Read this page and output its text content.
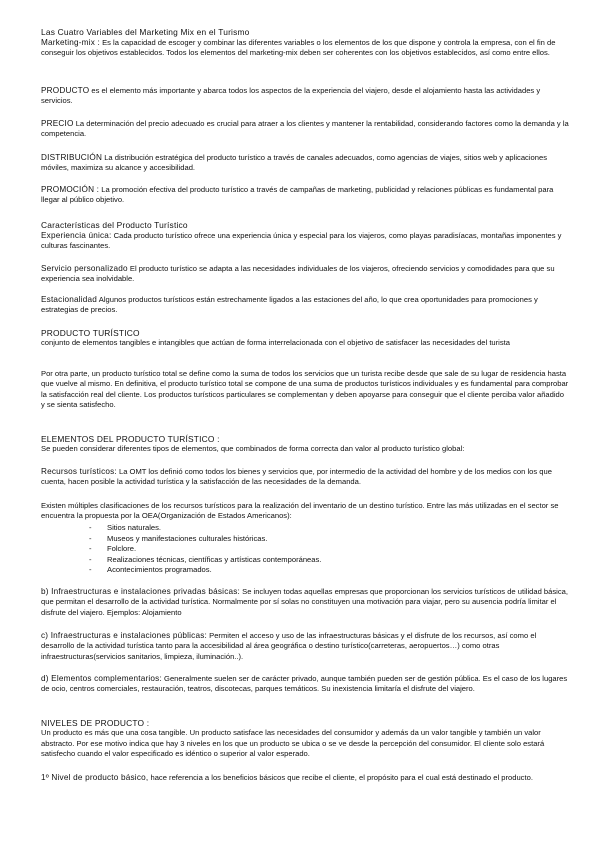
Las Cuatro Variables del Marketing Mix en el Turismo
Marketing-mix : Es la capacidad de escoger y combinar las diferentes variables o los elementos de los que dispone y controla la empresa, con el fin de conseguir los objetivos establecidos. Todos los elementos del marketing-mix deben ser coherentes con los objetivos establecidos, así como entre ellos.
PRODUCTO es el elemento más importante y abarca todos los aspectos de la experiencia del viajero, desde el alojamiento hasta las actividades y servicios.
PRECIO La determinación del precio adecuado es crucial para atraer a los clientes y mantener la rentabilidad, considerando factores como la demanda y la competencia.
DISTRIBUCIÓN La distribución estratégica del producto turístico a través de canales adecuados, como agencias de viajes, sitios web y aplicaciones móviles, maximiza su alcance y accesibilidad.
PROMOCIÓN : La promoción efectiva del producto turístico a través de campañas de marketing, publicidad y relaciones públicas es fundamental para llegar al público objetivo.
Características del Producto Turístico
Experiencia única: Cada producto turístico ofrece una experiencia única y especial para los viajeros, como playas paradisíacas, montañas imponentes y culturas fascinantes.
Servicio personalizado El producto turístico se adapta a las necesidades individuales de los viajeros, ofreciendo servicios y comodidades para que su experiencia sea inolvidable.
Estacionalidad Algunos productos turísticos están estrechamente ligados a las estaciones del año, lo que crea oportunidades para promociones y estrategias de precios.
PRODUCTO TURÍSTICO
conjunto de elementos tangibles e intangibles que actúan de forma interrelacionada con el objetivo de satisfacer las necesidades del turista
Por otra parte, un producto turístico total se define como la suma de todos los servicios que un turista recibe desde que sale de su lugar de residencia hasta que vuelve al mismo. En definitiva, el producto turístico total se compone de una suma de productos turísticos individuales y es fundamental para comprobar la satisfacción real del cliente. Los productos turísticos particulares se complementan y deben apoyarse para conseguir que el cliente perciba valor añadido y se sienta satisfecho.
ELEMENTOS DEL PRODUCTO TURÍSTICO :
Se pueden considerar diferentes tipos de elementos, que combinados de forma correcta dan valor al producto turístico global:
Recursos turísticos: La OMT los definió como todos los bienes y servicios que, por intermedio de la actividad del hombre y de los medios con los que cuenta, hacen posible la actividad turística y la satisfacción de las necesidades de la demanda.
Existen múltiples clasificaciones de los recursos turísticos para la realización del inventario de un destino turístico. Entre las más utilizadas en el sector se encuentra la propuesta por la OEA(Organización de Estados Americanos):
- Sitios naturales.
- Museos y manifestaciones culturales históricas.
- Folclore.
- Realizaciones técnicas, científicas y artísticas contemporáneas.
- Acontecimientos programados.
b) Infraestructuras e instalaciones privadas básicas: Se incluyen todas aquellas empresas que proporcionan los servicios turísticos de utilidad básica, que permitan el desarrollo de la actividad turística. Normalmente por sí solas no constituyen una motivación para viajar, pero su ausencia podría limitar el disfrute del viajero. Ejemplos: Alojamiento
c) Infraestructuras e instalaciones públicas: Permiten el acceso y uso de las infraestructuras básicas y el disfrute de los recursos, así como el desarrollo de la actividad turística tanto para la accesibilidad al área geográfica o destino turístico(carreteras, aeropuertos…) como otras infraestructuras(servicios sanitarios, limpieza, iluminación..).
d) Elementos complementarios: Generalmente suelen ser de carácter privado, aunque también pueden ser de gestión pública. Es el caso de los lugares de ocio, centros comerciales, restauración, teatros, discotecas, parques temáticos. Su inexistencia limitaría el disfrute del viajero.
NIVELES DE PRODUCTO :
Un producto es más que una cosa tangible. Un producto satisface las necesidades del consumidor y además da un valor tangible y también un valor abstracto. Por ese motivo indica que hay 3 niveles en los que un producto se ubica o se ve desde la percepción del consumidor. El cliente solo estará satisfecho cuando el valor especificado es idéntico o superior al valor esperado.
1º Nivel de producto básico, hace referencia a los beneficios básicos que recibe el cliente, el propósito para el cual está destinado el producto.
